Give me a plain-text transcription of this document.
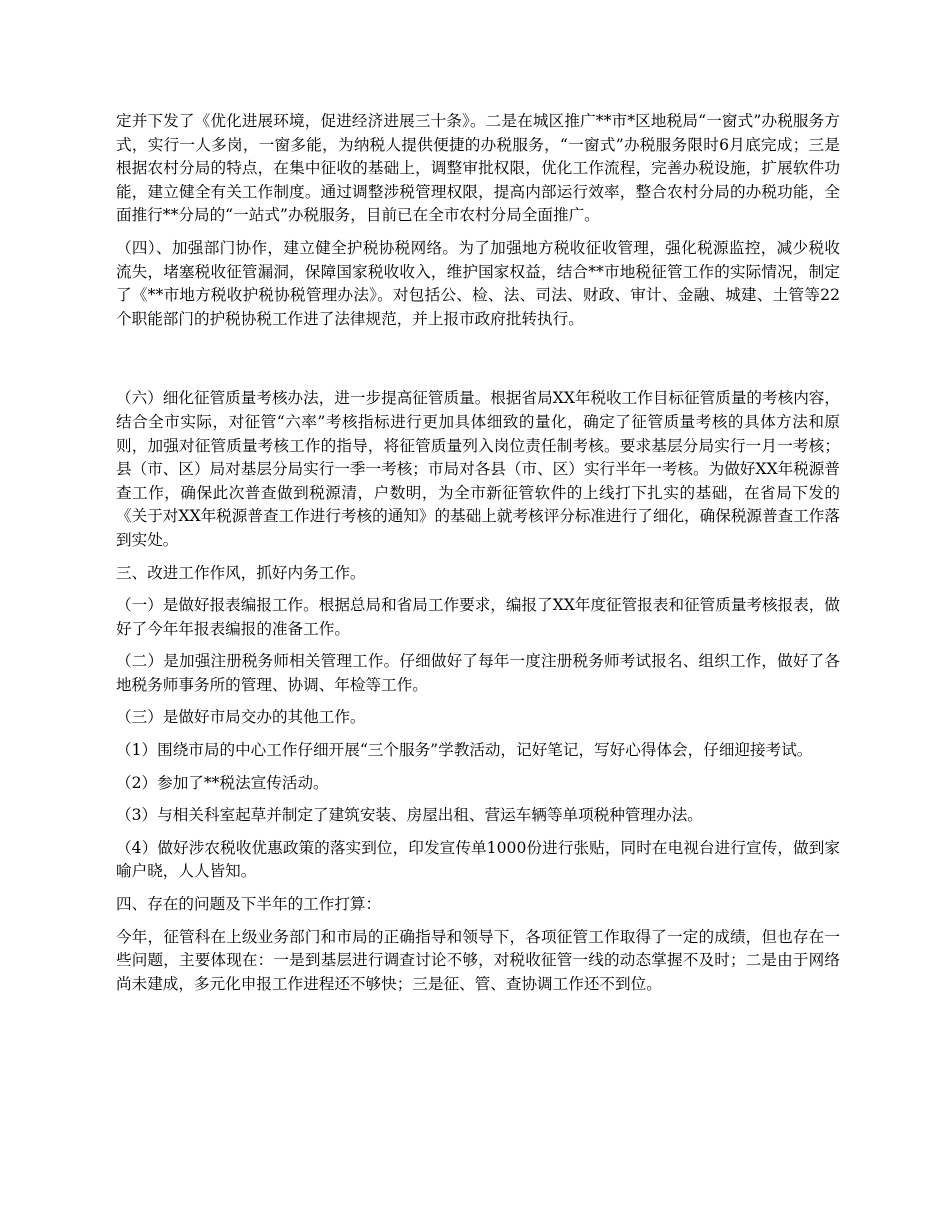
定并下发了《优化进展环境，促进经济进展三十条》。二是在城区推广**市*区地税局“一窗式”办税服务方式，实行一人多岗，一窗多能，为纳税人提供便捷的办税服务，“一窗式”办税服务限时6月底完成；三是根据农村分局的特点，在集中征收的基础上，调整审批权限，优化工作流程，完善办税设施，扩展软件功能，建立健全有关工作制度。通过调整涉税管理权限，提高内部运行效率，整合农村分局的办税功能，全面推行**分局的“一站式”办税服务，目前已在全市农村分局全面推广。

（四）、加强部门协作，建立健全护税协税网络。为了加强地方税收征收管理，强化税源监控，减少税收流失，堵塞税收征管漏洞，保障国家税收收入，维护国家权益，结合**市地税征管工作的实际情况，制定了《**市地方税收护税协税管理办法》。对包括公、检、法、司法、财政、审计、金融、城建、土管等22个职能部门的护税协税工作进了法律规范，并上报市政府批转执行。

（六）细化征管质量考核办法，进一步提高征管质量。根据省局XX年税收工作目标征管质量的考核内容，结合全市实际，对征管“六率”考核指标进行更加具体细致的量化，确定了征管质量考核的具体方法和原则，加强对征管质量考核工作的指导，将征管质量列入岗位责任制考核。要求基层分局实行一月一考核；县（市、区）局对基层分局实行一季一考核；市局对各县（市、区）实行半年一考核。为做好XX年税源普查工作，确保此次普查做到税源清，户数明，为全市新征管软件的上线打下扎实的基础，在省局下发的《关于对XX年税源普查工作进行考核的通知》的基础上就考核评分标准进行了细化，确保税源普查工作落到实处。

三、改进工作作风，抓好内务工作。

（一）是做好报表编报工作。根据总局和省局工作要求，编报了XX年度征管报表和征管质量考核报表，做好了今年年报表编报的准备工作。

（二）是加强注册税务师相关管理工作。仔细做好了每年一度注册税务师考试报名、组织工作，做好了各地税务师事务所的管理、协调、年检等工作。

（三）是做好市局交办的其他工作。

（1）围绕市局的中心工作仔细开展“三个服务”学教活动，记好笔记，写好心得体会，仔细迎接考试。

（2）参加了**税法宣传活动。

（3）与相关科室起草并制定了建筑安装、房屋出租、营运车辆等单项税种管理办法。

（4）做好涉农税收优惠政策的落实到位，印发宣传单1000份进行张贴，同时在电视台进行宣传，做到家喻户晓，人人皆知。

四、存在的问题及下半年的工作打算：

今年，征管科在上级业务部门和市局的正确指导和领导下，各项征管工作取得了一定的成绩，但也存在一些问题，主要体现在：一是到基层进行调查讨论不够，对税收征管一线的动态掌握不及时；二是由于网络尚未建成，多元化申报工作进程还不够快；三是征、管、查协调工作还不到位。
